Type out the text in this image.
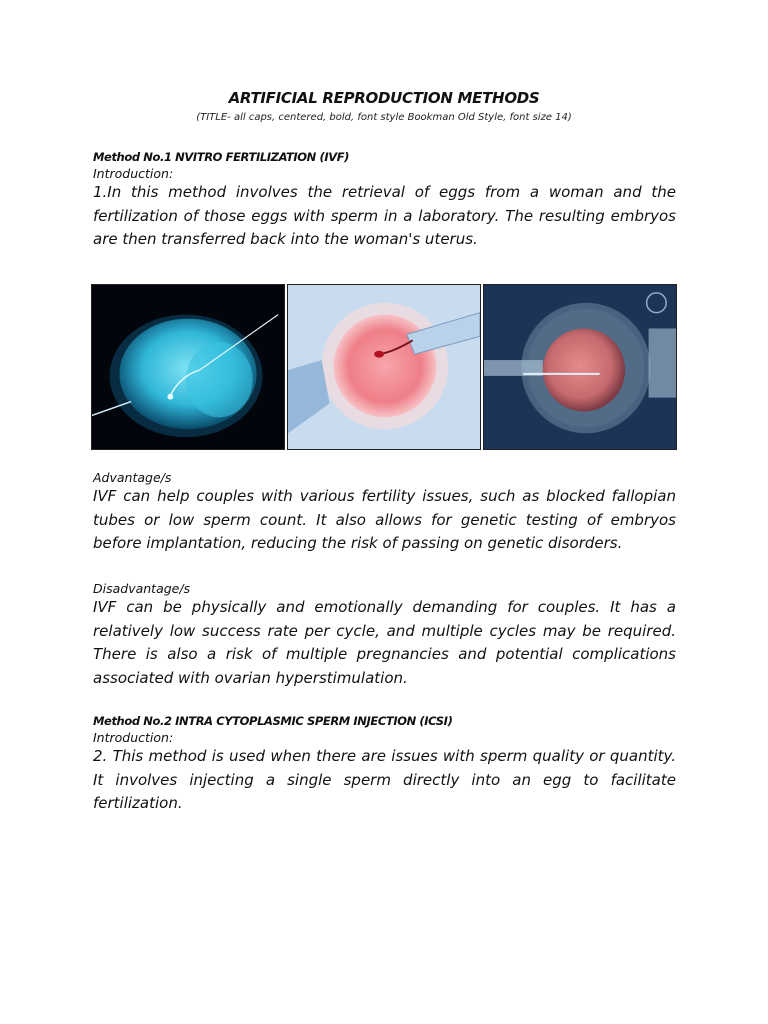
ARTIFICIAL REPRODUCTION METHODS
(TITLE- all caps, centered, bold, font style Bookman Old Style, font size 14)
Method No.1 NVITRO FERTILIZATION (IVF)
Introduction:
1.In this method involves the retrieval of eggs from a woman and the fertilization of those eggs with sperm in a laboratory. The resulting embryos are then transferred back into the woman's uterus.
Advantage/s
IVF can help couples with various fertility issues, such as blocked fallopian tubes or low sperm count. It also allows for genetic testing of embryos before implantation, reducing the risk of passing on genetic disorders.
Disadvantage/s
IVF can be physically and emotionally demanding for couples. It has a relatively low success rate per cycle, and multiple cycles may be required. There is also a risk of multiple pregnancies and potential complications associated with ovarian hyperstimulation.
Method No.2 INTRA CYTOPLASMIC SPERM INJECTION (ICSI)
Introduction:
2. This method is used when there are issues with sperm quality or quantity. It involves injecting a single sperm directly into an egg to facilitate fertilization.
